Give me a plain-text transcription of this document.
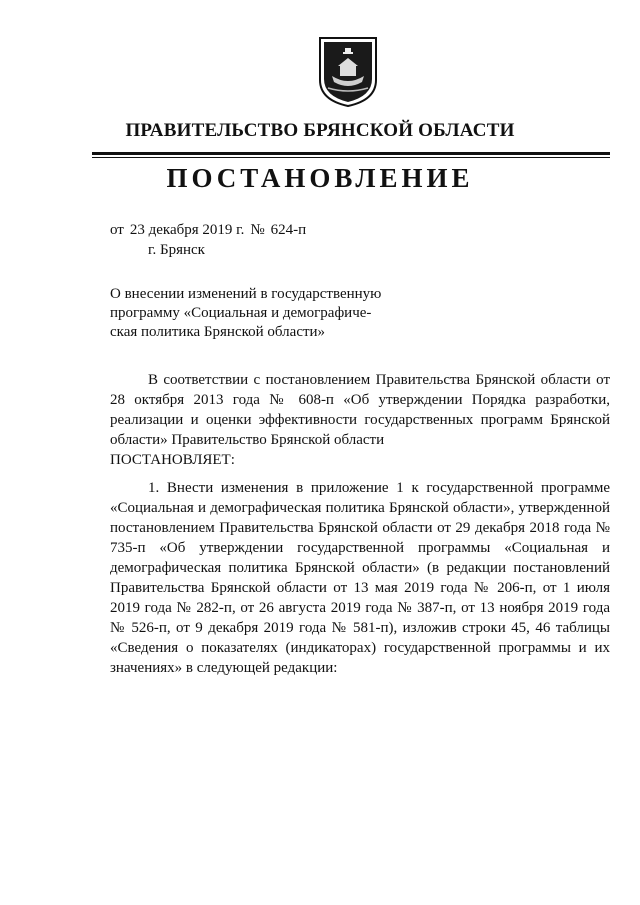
ПРАВИТЕЛЬСТВО БРЯНСКОЙ ОБЛАСТИ
ПОСТАНОВЛЕНИЕ
от 23 декабря 2019 г. № 624-п
г. Брянск
О внесении изменений в государственную
программу «Социальная и демографиче-
ская политика Брянской области»

В соответствии с постановлением Правительства Брянской области от 28 октября 2013 года № 608-п «Об утверждении Порядка разработки, реализации и оценки эффективности государственных программ Брянской области» Правительство Брянской области

ПОСТАНОВЛЯЕТ:

1. Внести изменения в приложение 1 к государственной программе «Социальная и демографическая политика Брянской области», утвержденной постановлением Правительства Брянской области от 29 декабря 2018 года № 735-п «Об утверждении государственной программы «Социальная и демографическая политика Брянской области» (в редакции постановлений Правительства Брянской области от 13 мая 2019 года № 206-п, от 1 июля 2019 года № 282-п, от 26 августа 2019 года № 387-п, от 13 ноября 2019 года № 526-п, от 9 декабря 2019 года № 581-п), изложив строки 45, 46 таблицы «Сведения о показателях (индикаторах) государственной программы и их значениях» в следующей редакции:
